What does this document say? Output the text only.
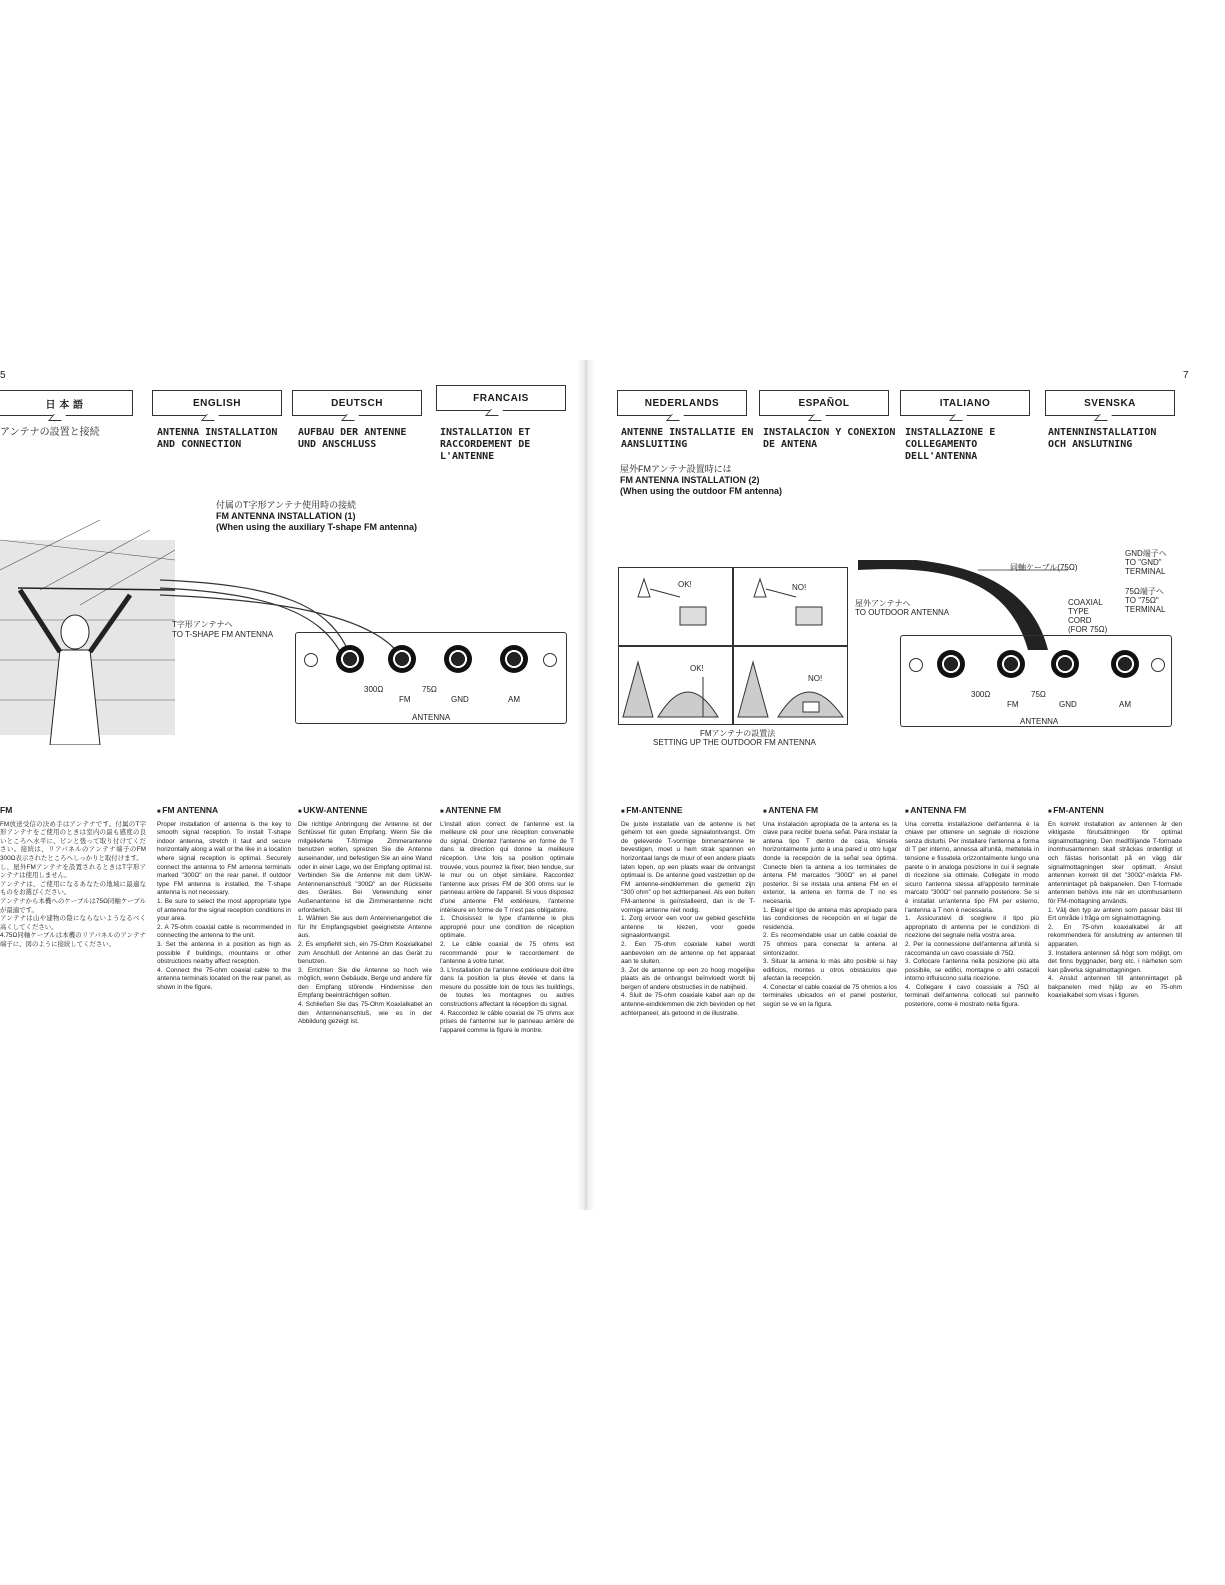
5	7
日 本 語	ENGLISH	DEUTSCH	FRANCAIS	NEDERLANDS	ESPAÑOL	ITALIANO	SVENSKA
アンテナの設置と接続	ANTENNA INSTALLATION
AND CONNECTION
AUFBAU DER ANTENNE
UND ANSCHLUSS
INSTALLATION ET
RACCORDEMENT DE
L'ANTENNE
ANTENNE INSTALLATIE EN
AANSLUITING
INSTALACION Y CONEXION
DE ANTENA
INSTALLAZIONE E
COLLEGAMENTO
DELL'ANTENNA
ANTENNINSTALLATION
OCH ANSLUTNING
付属のT字形アンテナ使用時の接続
FM ANTENNA INSTALLATION (1)
(When using the auxiliary T-shape FM antenna)
T字形アンテナへ
TO T-SHAPE FM ANTENNA
300Ω	75Ω
FM	GND	AM
ANTENNA
屋外FMアンテナ設置時には
FM ANTENNA INSTALLATION (2)
(When using the outdoor FM antenna)
OK!	NO!
OK!
NO!
FMアンテナの設置法
SETTING UP THE OUTDOOR FM ANTENNA
屋外アンテナへ
TO OUTDOOR ANTENNA
同軸ケーブル(75Ω)
GND端子へ
TO "GND"
TERMINAL
75Ω端子へ
TO "75Ω"
TERMINAL
COAXIAL
TYPE
CORD
(FOR 75Ω)
300Ω	75Ω
FM	GND	AM
ANTENNA
FM

FM放送受信の決め手はアンテナです。付属のT字形アンテナをご使用のときは室内の最も感度の良いところへ水平に、ピンと張って取り付けてください。接続は、リアパネルのアンテナ端子のFM 300Ω表示されたところへしっかりと取付けます。
し、屋外FMアンテナを設置されるときはT字形アンテナは使用しません。
アンテナは、ご使用になるあなたの地域に最適なものをお選びください。
アンテナから本機へのケーブルは75Ω同軸ケーブルが最適です。
アンテナは山や建物の陰にならないようなるべく高くしてください。
4.75Ω同軸ケーブルは本機のリアパネルのアンテナ端子に、図のように接続してください。

■ FM ANTENNA

Proper installation of antenna is the key to smooth signal reception. To install T-shape indoor antenna, stretch it taut and secure horizontally along a wall or the like in a location where signal reception is optimal. Securely connect the antenna to FM antenna terminals marked "300Ω" on the rear panel. If outdoor type FM antenna is installed, the T-shape antenna is not necessary.
1. Be sure to select the most appropriate type of antenna for the signal reception conditions in your area.
2. A 75-ohm coaxial cable is recommended in connecting the antenna to the unit.
3. Set the antenna in a position as high as possible if buildings, mountains or other obstructions nearby affect reception.
4. Connect the 75-ohm coaxial cable to the antenna terminals located on the rear panel, as shown in the figure.

■ UKW-ANTENNE

Die richtige Anbringung der Antenne ist der Schlüssel für guten Empfang. Wenn Sie die mitgelieferte T-förmige Zimmerantenne benutzen wollen, spreizen Sie die Antenne auseinander, und befestigen Sie an eine Wand oder in einer Lage, wo der Empfang optimal ist. Verbinden Sie die Antenne mit dem UKW-Antennenanschluß "300Ω" an der Rückseite des Gerätes. Bei Verwendung einer Außenantenne ist die Zimmerantenne nicht erforderlich.
1. Wählen Sie aus dem Antennenangebot die für Ihr Empfangsgebiet geeignetste Antenne aus.
2. Es empfiehlt sich, ein 75-Ohm Koaxialkabel zum Anschluß der Antenne an das Gerät zu benutzen.
3. Errichten Sie die Antenne so hoch wie möglich, wenn Gebäude, Berge und andere für den Empfang störende Hindernisse den Empfang beeinträchtigen sollten.
4. Schließen Sie das 75-Ohm Koaxialkabel an den Antennenanschluß, wie es in der Abbildung gezeigt ist.

■ ANTENNE FM

L'install ation correct de l'antenne est la meilleure clé pour une réception convenable du signal. Orientez l'antenne en forme de T dans la direction qui donne la meilleure réception. Une fois sa position optimale trouvée, vous pourrez la fixer, bien tendue, sur le mur ou un objet similaire. Raccordez l'antenne aux prises FM de 300 ohms sur le panneau arrière de l'appareil. Si vous disposez d'une antenne FM extérieure, l'antenne intérieure en forme de T n'est pas obligatoire.
1. Choisissez le type d'antenne le plus approprié pour une condition de réception optimale.
2. Le câble coaxial de 75 ohms est recommandé pour le raccordement de l'antenne à votre tuner.
3. L'installation de l'antenne extérieure doit être dans la position la plus élevée et dans la mesure du possible loin de tous les buildings, de toutes les montagnes ou autres constructions affectant la réception du signal.
4. Raccordez le câble coaxial de 75 ohms aux prises de l'antenne sur le panneau arrière de l'appareil comme la figure le montre.

■ FM-ANTENNE

De juiste installatie van de antenne is het geheim tot een goede signaalontvangst. Om de geleverde T-vormige binnenantenne te bevestigen, moet u hem strak spannen en horizontaal langs de muur of een andere plaats laten lopen, op een plaats waar de ontvangst optimaal is. De antenne goed vastzetten op de FM antenne-eindklemmen die gemerkt zijn "300 ohm" op het achterpaneel. Als een buiten FM-antenne is geïnstalleerd, dan is de T-vormige antenne niet nodig.
1. Zorg ervoor een voor uw gebied geschikte antenne te kiezen, voor goede signaalontvangst.
2. Een 75-ohm coaxiale kabel wordt aanbevolen om de antenne op het apparaat aan te sluiten.
3. Zet de antenne op een zo hoog mogelijke plaats als de ontvangst beïnvloedt wordt bij bergen of andere obstructies in de nabijheid.
4. Sluit de 75-ohm coaxiale kabel aan op de antenne-eindklemmen die zich bevinden op het achterpaneel, als getoond in de illustratie.

■ ANTENA FM

Una instalación apropiada de la antena es la clave para recibir buena señal. Para instalar la antena tipo T dentro de casa, ténsela horizontalmente junto a una pared u otro lugar donde la recepción de la señal sea óptima. Conecte bien la antena a los terminales de antena FM marcados "300Ω" en el panel posterior. Si se instala una antena FM en el exterior, la antena en forma de T no es necesaria.
1. Elegir el tipo de antena más apropiado para las condiciones de recepción en el lugar de residencia.
2. Es recomendable usar un cable coaxial de 75 ohmios para conectar la antena al sintonizador.
3. Situar la antena lo más alto posible si hay edificios, montes u otros obstáculos que afectan la recepción.
4. Conectar el cable coaxial de 75 ohmios a los terminales ubicados en el panel posterior, según se ve en la figura.

■ ANTENNA FM

Una corretta installazione dell'antenna è la chiave per ottenere un segnale di ricezione senza disturbi. Per installare l'antenna a forma di T per interno, annessa all'unità, mettetela in tensione e fissatela orizzontalmente lungo una parete o in analoga posizione in cui il segnale di ricezione sia ottimale. Collegate in modo sicuro l'antenna stessa all'apposito terminale marcato "300Ω" nel pannello posteriore. Se si è installat un'antenna tipo FM per esterno, l'antenna a T non è necessaria.
1. Assicuratevi di scegliere il tipo più appropriato di antenna per le condizioni di ricezione del segnale nella vostra area.
2. Per la connessione dell'antenna all'unità si raccomanda un cavo coassiale di 75Ω.
3. Collocare l'antenna nella posizione più alta possibile, se edifici, montagne o altri ostacoli intorno influiscono sulla ricezione.
4. Collegare il cavo coassiale a 75Ω al terminali dell'antenna collocati sul pannello posteriore, come è mostrato nella figura.

■ FM-ANTENN

En korrekt installation av antennen är den viktigaste förutsättningen för optimal signalmottagning. Den medföljande T-formade inomhusantennen skall sträckas ordentligt ut och fästas horisontalt på en vägg där signalmottagningen sker optimalt. Anslut antennen korrekt till det "300Ω"-märkta FM-antennintaget på bakpanelen. Den T-formade antennen behövs inte när en utomhusantenn för FM-mottagning används.
1. Välj den typ av antenn som passar bäst till Ert område i fråga om signalmottagning.
2. En 75-ohm koaxialkabel är att rekommendera för anslutning av antennen till apparaten.
3. Installera antennen så högt som möjligt, om det finns byggnader, berg etc. i närheten som kan påverka signalmottagningen.
4. Anslut antennen till antennintaget på bakpanelen med hjälp av en 75-ohm koaxialkabel som visas i figuren.
